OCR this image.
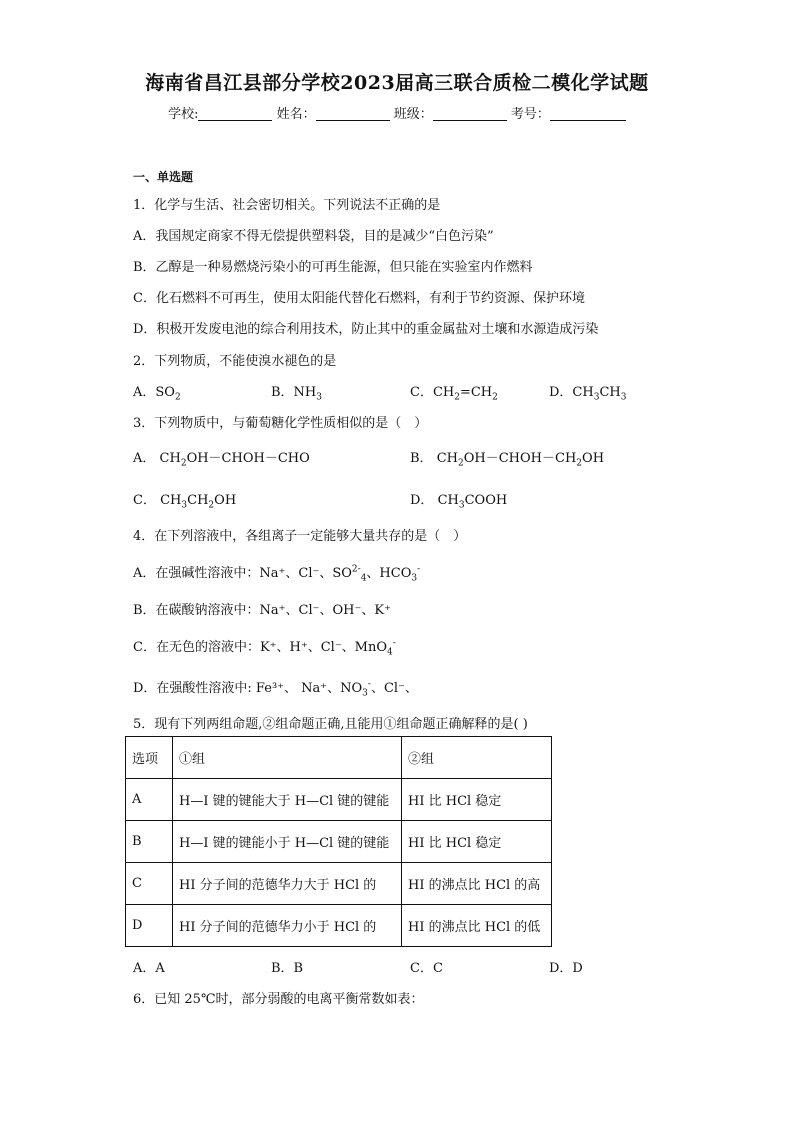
海南省昌江县部分学校2023届高三联合质检二模化学试题
学校:	姓名：	班级：	考号：
一、单选题
1．化学与生活、社会密切相关。下列说法不正确的是
A．我国规定商家不得无偿提供塑料袋，目的是减少“白色污染”
B．乙醇是一种易燃烧污染小的可再生能源，但只能在实验室内作燃料
C．化石燃料不可再生，使用太阳能代替化石燃料，有利于节约资源、保护环境
D．积极开发废电池的综合利用技术，防止其中的重金属盐对土壤和水源造成污染
2．下列物质，不能使溴水褪色的是
A．$SO_2$	B．$NH_3$	C．$CH_2=CH_2$	D．$CH_3CH_3$
3．下列物质中，与葡萄糖化学性质相似的是（　）
A． $CH_2OH-CHOH-CHO$	B． $CH_2OH-CHOH-CH_2OH$
C． $CH_3CH_2OH$	D． $CH_3COOH$
4．在下列溶液中，各组离子一定能够大量共存的是（　）
A．在强碱性溶液中：Na⁺、Cl⁻、$SO^{2-}_4$、$HCO_3^-$
B．在碳酸钠溶液中：Na⁺、Cl⁻、OH⁻、K⁺
C．在无色的溶液中：K⁺、H⁺、Cl⁻、MnO$_4$-
D．在强酸性溶液中: Fe³⁺、 Na⁺、$NO_3^-$、Cl⁻、
5．现有下列两组命题,②组命题正确,且能用①组命题正确解释的是( )
选项	①组	②组
A	H—I 键的键能大于 H—Cl 键的键能	HI 比 HCl 稳定
B	H—I 键的键能小于 H—Cl 键的键能	HI 比 HCl 稳定
C	HI 分子间的范德华力大于 HCl 的	HI 的沸点比 HCl 的高
D	HI 分子间的范德华力小于 HCl 的	HI 的沸点比 HCl 的低
A．A	B．B	C．C	D．D
6．已知 25℃时，部分弱酸的电离平衡常数如表：
